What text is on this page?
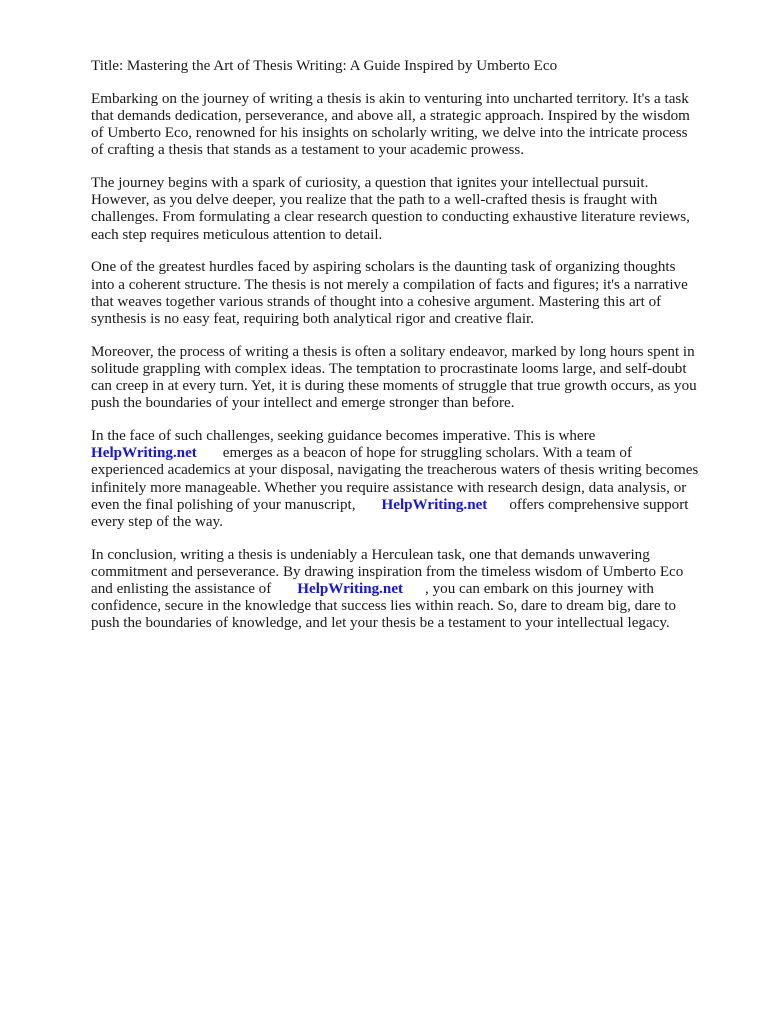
Title: Mastering the Art of Thesis Writing: A Guide Inspired by Umberto Eco

Embarking on the journey of writing a thesis is akin to venturing into uncharted territory. It's a task
that demands dedication, perseverance, and above all, a strategic approach. Inspired by the wisdom
of Umberto Eco, renowned for his insights on scholarly writing, we delve into the intricate process
of crafting a thesis that stands as a testament to your academic prowess.

The journey begins with a spark of curiosity, a question that ignites your intellectual pursuit.
However, as you delve deeper, you realize that the path to a well-crafted thesis is fraught with
challenges. From formulating a clear research question to conducting exhaustive literature reviews,
each step requires meticulous attention to detail.

One of the greatest hurdles faced by aspiring scholars is the daunting task of organizing thoughts
into a coherent structure. The thesis is not merely a compilation of facts and figures; it's a narrative
that weaves together various strands of thought into a cohesive argument. Mastering this art of
synthesis is no easy feat, requiring both analytical rigor and creative flair.

Moreover, the process of writing a thesis is often a solitary endeavor, marked by long hours spent in
solitude grappling with complex ideas. The temptation to procrastinate looms large, and self-doubt
can creep in at every turn. Yet, it is during these moments of struggle that true growth occurs, as you
push the boundaries of your intellect and emerge stronger than before.

In the face of such challenges, seeking guidance becomes imperative. This is where
HelpWriting.net emerges as a beacon of hope for struggling scholars. With a team of
experienced academics at your disposal, navigating the treacherous waters of thesis writing becomes
infinitely more manageable. Whether you require assistance with research design, data analysis, or
even the final polishing of your manuscript, HelpWriting.net offers comprehensive support
every step of the way.

In conclusion, writing a thesis is undeniably a Herculean task, one that demands unwavering
commitment and perseverance. By drawing inspiration from the timeless wisdom of Umberto Eco
and enlisting the assistance of HelpWriting.net , you can embark on this journey with
confidence, secure in the knowledge that success lies within reach. So, dare to dream big, dare to
push the boundaries of knowledge, and let your thesis be a testament to your intellectual legacy.
